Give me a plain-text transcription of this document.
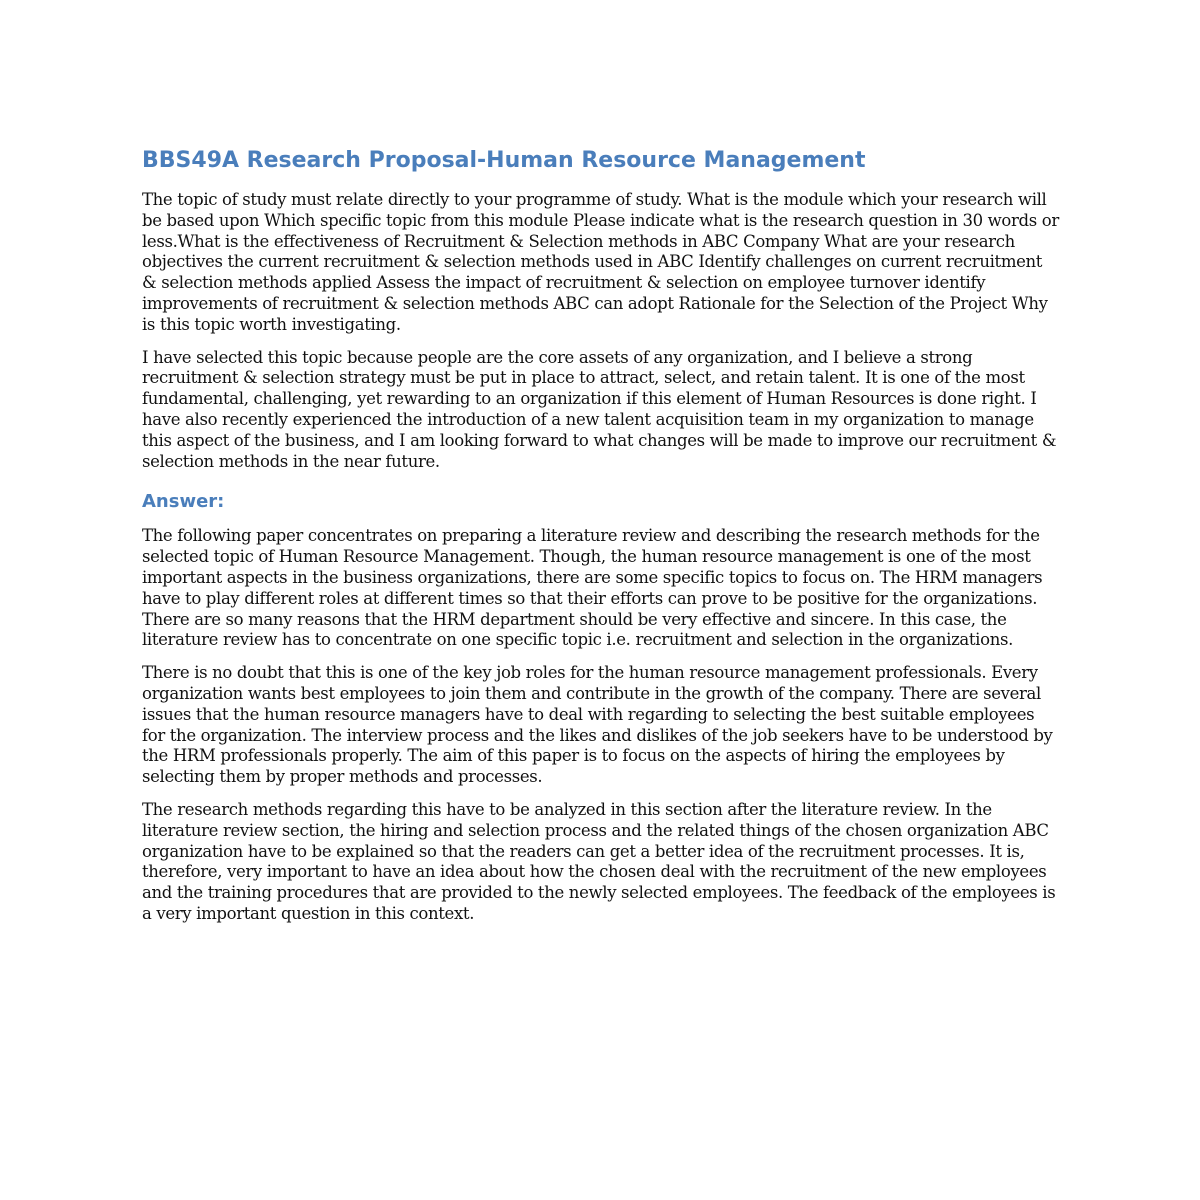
BBS49A Research Proposal-Human Resource Management

The topic of study must relate directly to your programme of study. What is the module which your research will be based upon Which specific topic from this module Please indicate what is the research question in 30 words or less.What is the effectiveness of Recruitment & Selection methods in ABC Company What are your research objectives the current recruitment & selection methods used in ABC Identify challenges on current recruitment & selection methods applied Assess the impact of recruitment & selection on employee turnover identify improvements of recruitment & selection methods ABC can adopt Rationale for the Selection of the Project Why is this topic worth investigating.

I have selected this topic because people are the core assets of any organization, and I believe a strong recruitment & selection strategy must be put in place to attract, select, and retain talent. It is one of the most fundamental, challenging, yet rewarding to an organization if this element of Human Resources is done right. I have also recently experienced the introduction of a new talent acquisition team in my organization to manage this aspect of the business, and I am looking forward to what changes will be made to improve our recruitment & selection methods in the near future.

Answer:

The following paper concentrates on preparing a literature review and describing the research methods for the selected topic of Human Resource Management. Though, the human resource management is one of the most important aspects in the business organizations, there are some specific topics to focus on. The HRM managers have to play different roles at different times so that their efforts can prove to be positive for the organizations. There are so many reasons that the HRM department should be very effective and sincere. In this case, the literature review has to concentrate on one specific topic i.e. recruitment and selection in the organizations.

There is no doubt that this is one of the key job roles for the human resource management professionals. Every organization wants best employees to join them and contribute in the growth of the company. There are several issues that the human resource managers have to deal with regarding to selecting the best suitable employees for the organization. The interview process and the likes and dislikes of the job seekers have to be understood by the HRM professionals properly. The aim of this paper is to focus on the aspects of hiring the employees by selecting them by proper methods and processes.

The research methods regarding this have to be analyzed in this section after the literature review. In the literature review section, the hiring and selection process and the related things of the chosen organization ABC organization have to be explained so that the readers can get a better idea of the recruitment processes. It is, therefore, very important to have an idea about how the chosen deal with the recruitment of the new employees and the training procedures that are provided to the newly selected employees. The feedback of the employees is a very important question in this context.
